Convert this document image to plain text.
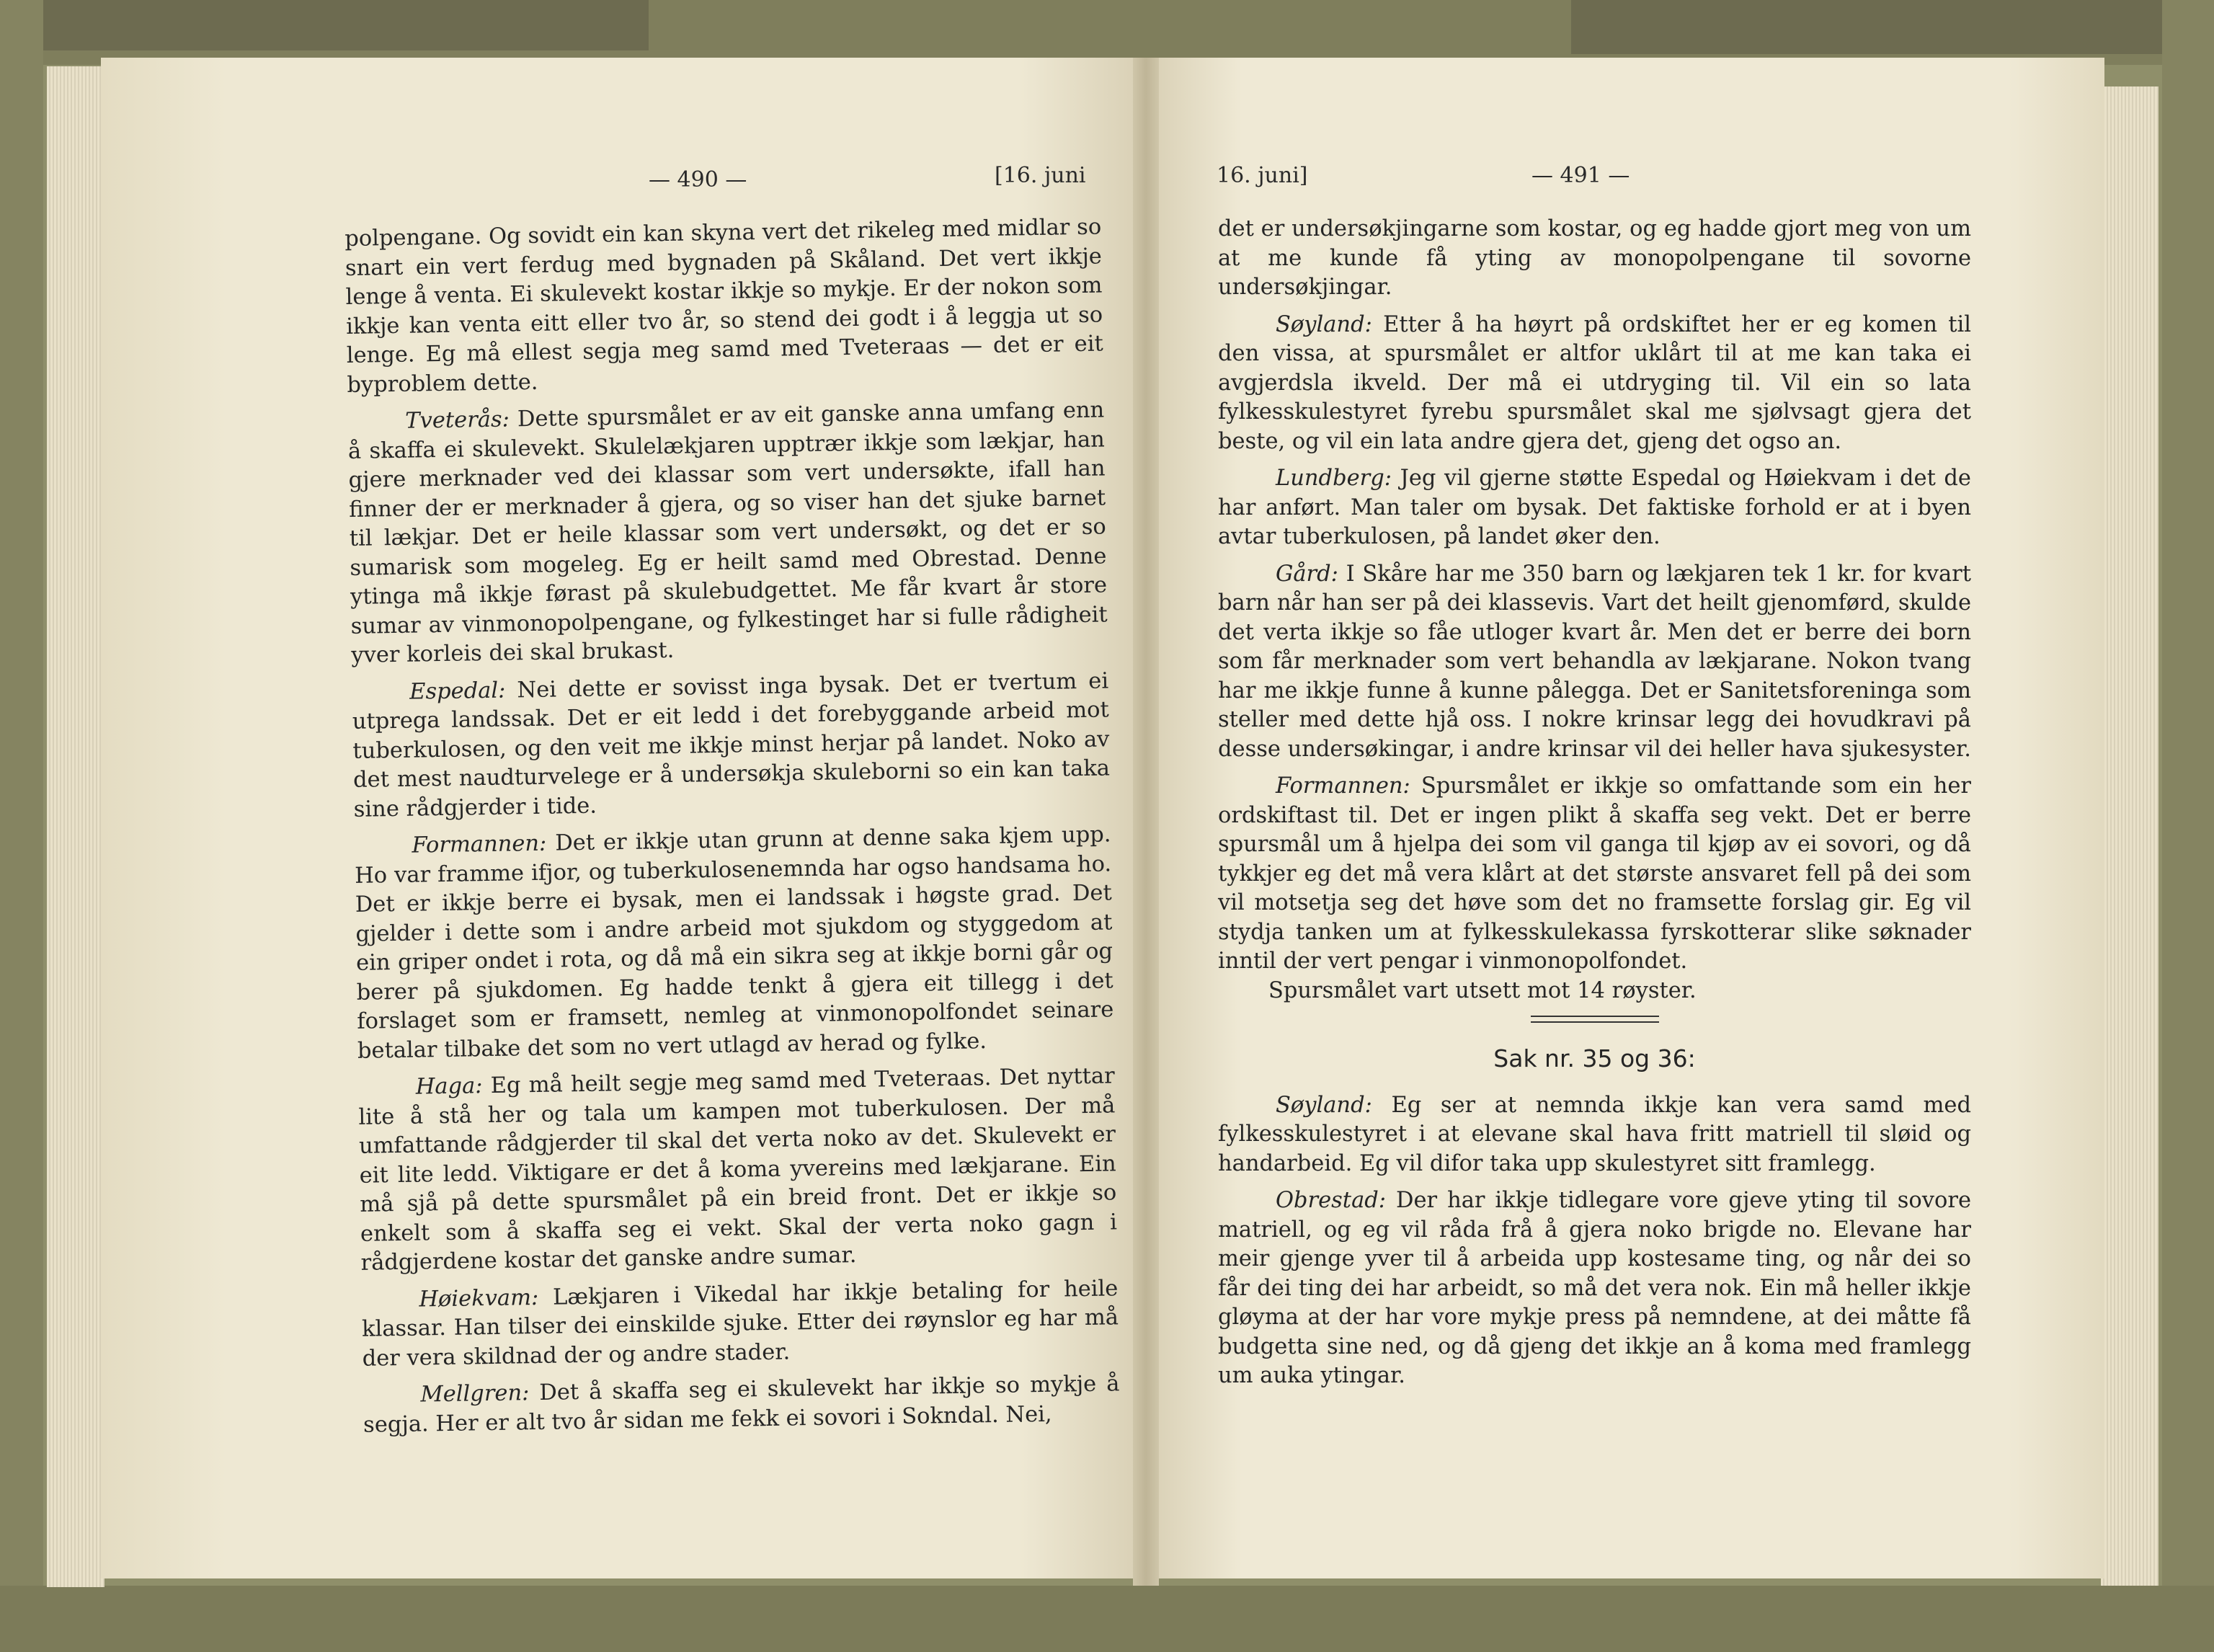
— 490 —	[16. juni

polpengane. Og sovidt ein kan skyna vert det rikeleg med midlar so snart ein vert ferdug med bygnaden på Skåland. Det vert ikkje lenge å venta. Ei skulevekt kostar ikkje so mykje. Er der nokon som ikkje kan venta eitt eller tvo år, so stend dei godt i å leggja ut so lenge. Eg må ellest segja meg samd med Tveteraas — det er eit byproblem dette.

Tveterås: Dette spursmålet er av eit ganske anna umfang enn å skaffa ei skulevekt. Skulelækjaren upptrær ikkje som lækjar, han gjere merknader ved dei klassar som vert undersøkte, ifall han finner der er merknader å gjera, og so viser han det sjuke barnet til lækjar. Det er heile klassar som vert undersøkt, og det er so sumarisk som mogeleg. Eg er heilt samd med Obrestad. Denne ytinga må ikkje førast på skulebudgettet. Me får kvart år store sumar av vinmonopolpengane, og fylkestinget har si fulle rådigheit yver korleis dei skal brukast.

Espedal: Nei dette er sovisst inga bysak. Det er tvertum ei utprega landssak. Det er eit ledd i det forebyggande arbeid mot tuberkulosen, og den veit me ikkje minst herjar på landet. Noko av det mest naudturvelege er å undersøkja skuleborni so ein kan taka sine rådgjerder i tide.

Formannen: Det er ikkje utan grunn at denne saka kjem upp. Ho var framme ifjor, og tuberkulosenemnda har ogso handsama ho. Det er ikkje berre ei bysak, men ei landssak i høgste grad. Det gjelder i dette som i andre arbeid mot sjukdom og styggedom at ein griper ondet i rota, og då må ein sikra seg at ikkje borni går og berer på sjukdomen. Eg hadde tenkt å gjera eit tillegg i det forslaget som er framsett, nemleg at vinmonopolfondet seinare betalar tilbake det som no vert utlagd av herad og fylke.

Haga: Eg må heilt segje meg samd med Tveteraas. Det nyttar lite å stå her og tala um kampen mot tuberkulosen. Der må umfattande rådgjerder til skal det verta noko av det. Skulevekt er eit lite ledd. Viktigare er det å koma yvereins med lækjarane. Ein må sjå på dette spursmålet på ein breid front. Det er ikkje so enkelt som å skaffa seg ei vekt. Skal der verta noko gagn i rådgjerdene kostar det ganske andre sumar.

Høiekvam: Lækjaren i Vikedal har ikkje betaling for heile klassar. Han tilser dei einskilde sjuke. Etter dei røynslor eg har må der vera skildnad der og andre stader.

Mellgren: Det å skaffa seg ei skulevekt har ikkje so mykje å segja. Her er alt tvo år sidan me fekk ei sovori i Sokndal. Nei,

16. juni]	— 491 —

det er undersøkjingarne som kostar, og eg hadde gjort meg von um at me kunde få yting av monopolpengane til sovorne undersøkjingar.

Søyland: Etter å ha høyrt på ordskiftet her er eg komen til den vissa, at spursmålet er altfor uklårt til at me kan taka ei avgjerdsla ikveld. Der må ei utdryging til. Vil ein so lata fylkesskulestyret fyrebu spursmålet skal me sjølvsagt gjera det beste, og vil ein lata andre gjera det, gjeng det ogso an.

Lundberg: Jeg vil gjerne støtte Espedal og Høiekvam i det de har anført. Man taler om bysak. Det faktiske forhold er at i byen avtar tuberkulosen, på landet øker den.

Gård: I Skåre har me 350 barn og lækjaren tek 1 kr. for kvart barn når han ser på dei klassevis. Vart det heilt gjenomførd, skulde det verta ikkje so fåe utloger kvart år. Men det er berre dei born som får merknader som vert behandla av lækjarane. Nokon tvang har me ikkje funne å kunne pålegga. Det er Sanitetsforeninga som steller med dette hjå oss. I nokre krinsar legg dei hovudkravi på desse undersøkingar, i andre krinsar vil dei heller hava sjukesyster.

Formannen: Spursmålet er ikkje so omfattande som ein her ordskiftast til. Det er ingen plikt å skaffa seg vekt. Det er berre spursmål um å hjelpa dei som vil ganga til kjøp av ei sovori, og då tykkjer eg det må vera klårt at det største ansvaret fell på dei som vil motsetja seg det høve som det no framsette forslag gir. Eg vil stydja tanken um at fylkesskulekassa fyrskotterar slike søknader inntil der vert pengar i vinmonopolfondet.

Spursmålet vart utsett mot 14 røyster.

Sak nr. 35 og 36:

Søyland: Eg ser at nemnda ikkje kan vera samd med fylkesskulestyret i at elevane skal hava fritt matriell til sløid og handarbeid. Eg vil difor taka upp skulestyret sitt framlegg.

Obrestad: Der har ikkje tidlegare vore gjeve yting til sovore matriell, og eg vil råda frå å gjera noko brigde no. Elevane har meir gjenge yver til å arbeida upp kostesame ting, og når dei so får dei ting dei har arbeidt, so må det vera nok. Ein må heller ikkje gløyma at der har vore mykje press på nemndene, at dei måtte få budgetta sine ned, og då gjeng det ikkje an å koma med framlegg um auka ytingar.
